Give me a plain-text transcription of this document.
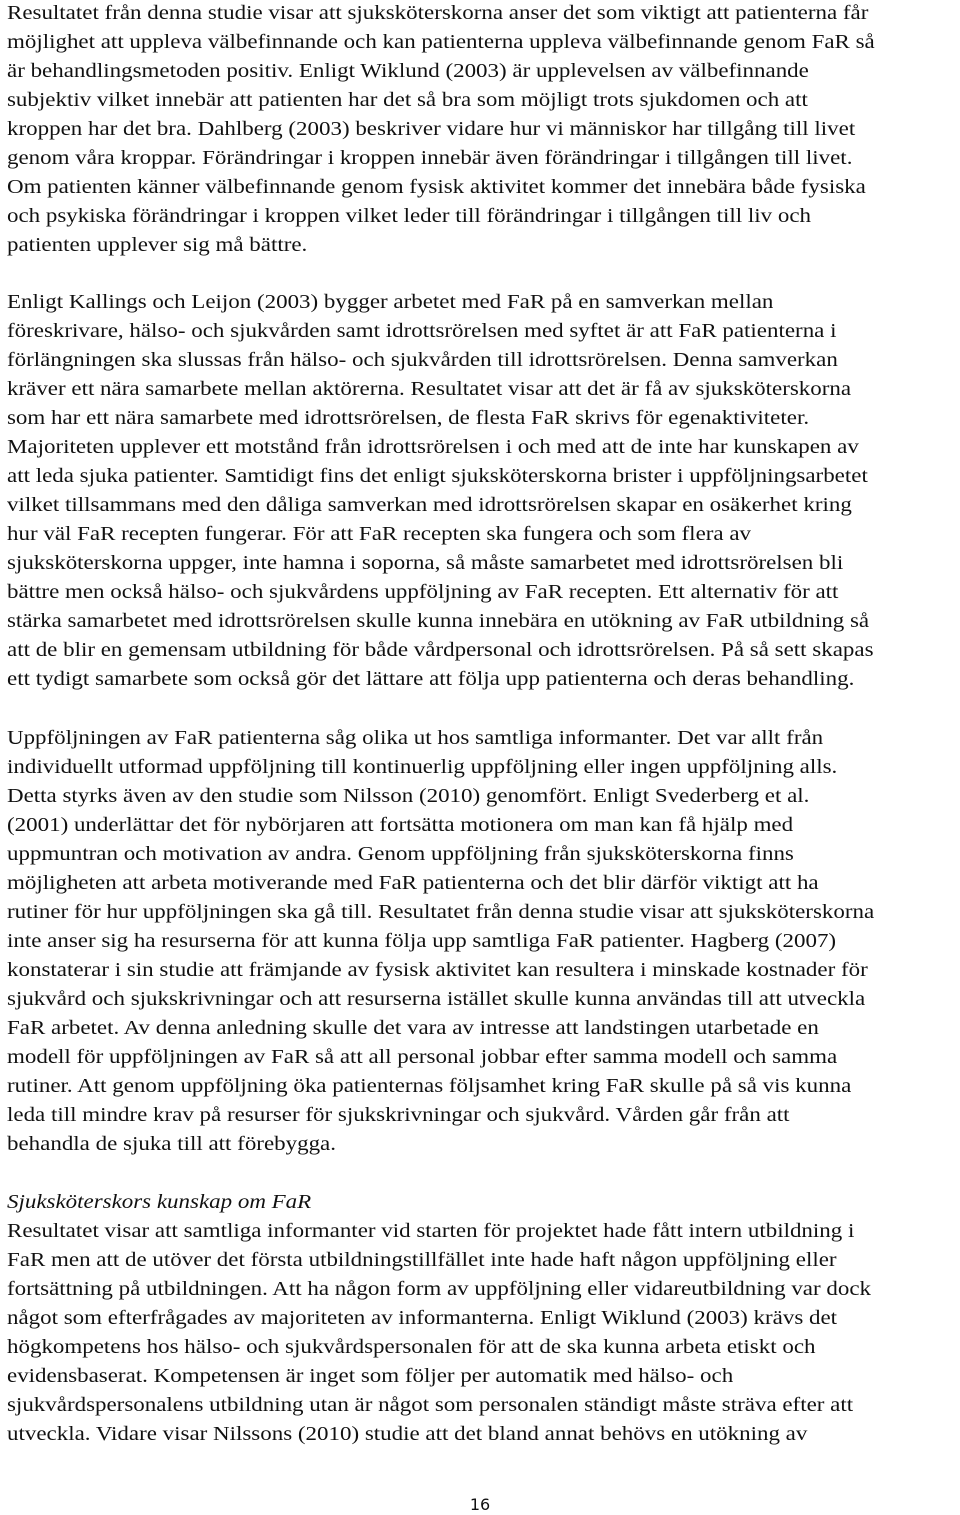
Resultatet från denna studie visar att sjuksköterskorna anser det som viktigt att patienterna får

möjlighet att uppleva välbefinnande och kan patienterna uppleva välbefinnande genom FaR så

är behandlingsmetoden positiv. Enligt Wiklund (2003) är upplevelsen av välbefinnande

subjektiv vilket innebär att patienten har det så bra som möjligt trots sjukdomen och att

kroppen har det bra. Dahlberg (2003) beskriver vidare hur vi människor har tillgång till livet

genom våra kroppar. Förändringar i kroppen innebär även förändringar i tillgången till livet.

Om patienten känner välbefinnande genom fysisk aktivitet kommer det innebära både fysiska

och psykiska förändringar i kroppen vilket leder till förändringar i tillgången till liv och

patienten upplever sig må bättre.

Enligt Kallings och Leijon (2003) bygger arbetet med FaR på en samverkan mellan

föreskrivare, hälso- och sjukvården samt idrottsrörelsen med syftet är att FaR patienterna i

förlängningen ska slussas från hälso- och sjukvården till idrottsrörelsen. Denna samverkan

kräver ett nära samarbete mellan aktörerna. Resultatet visar att det är få av sjuksköterskorna

som har ett nära samarbete med idrottsrörelsen, de flesta FaR skrivs för egenaktiviteter.

Majoriteten upplever ett motstånd från idrottsrörelsen i och med att de inte har kunskapen av

att leda sjuka patienter. Samtidigt fins det enligt sjuksköterskorna brister i uppföljningsarbetet

vilket tillsammans med den dåliga samverkan med idrottsrörelsen skapar en osäkerhet kring

hur väl FaR recepten fungerar. För att FaR recepten ska fungera och som flera av

sjuksköterskorna uppger, inte hamna i soporna, så måste samarbetet med idrottsrörelsen bli

bättre men också hälso- och sjukvårdens uppföljning av FaR recepten. Ett alternativ för att

stärka samarbetet med idrottsrörelsen skulle kunna innebära en utökning av FaR utbildning så

att de blir en gemensam utbildning för både vårdpersonal och idrottsrörelsen. På så sett skapas

ett tydigt samarbete som också gör det lättare att följa upp patienterna och deras behandling.

Uppföljningen av FaR patienterna såg olika ut hos samtliga informanter. Det var allt från

individuellt utformad uppföljning till kontinuerlig uppföljning eller ingen uppföljning alls.

Detta styrks även av den studie som Nilsson (2010) genomfört. Enligt Svederberg et al.

(2001) underlättar det för nybörjaren att fortsätta motionera om man kan få hjälp med

uppmuntran och motivation av andra. Genom uppföljning från sjuksköterskorna finns

möjligheten att arbeta motiverande med FaR patienterna och det blir därför viktigt att ha

rutiner för hur uppföljningen ska gå till. Resultatet från denna studie visar att sjuksköterskorna

inte anser sig ha resurserna för att kunna följa upp samtliga FaR patienter. Hagberg (2007)

konstaterar i sin studie att främjande av fysisk aktivitet kan resultera i minskade kostnader för

sjukvård och sjukskrivningar och att resurserna istället skulle kunna användas till att utveckla

FaR arbetet. Av denna anledning skulle det vara av intresse att landstingen utarbetade en

modell för uppföljningen av FaR så att all personal jobbar efter samma modell och samma

rutiner. Att genom uppföljning öka patienternas följsamhet kring FaR skulle på så vis kunna

leda till mindre krav på resurser för sjukskrivningar och sjukvård. Vården går från att

behandla de sjuka till att förebygga.

Sjuksköterskors kunskap om FaR

Resultatet visar att samtliga informanter vid starten för projektet hade fått intern utbildning i

FaR men att de utöver det första utbildningstillfället inte hade haft någon uppföljning eller

fortsättning på utbildningen. Att ha någon form av uppföljning eller vidareutbildning var dock

något som efterfrågades av majoriteten av informanterna. Enligt Wiklund (2003) krävs det

högkompetens hos hälso- och sjukvårdspersonalen för att de ska kunna arbeta etiskt och

evidensbaserat. Kompetensen är inget som följer per automatik med hälso- och

sjukvårdspersonalens utbildning utan är något som personalen ständigt måste sträva efter att

utveckla. Vidare visar Nilssons (2010) studie att det bland annat behövs en utökning av

16
